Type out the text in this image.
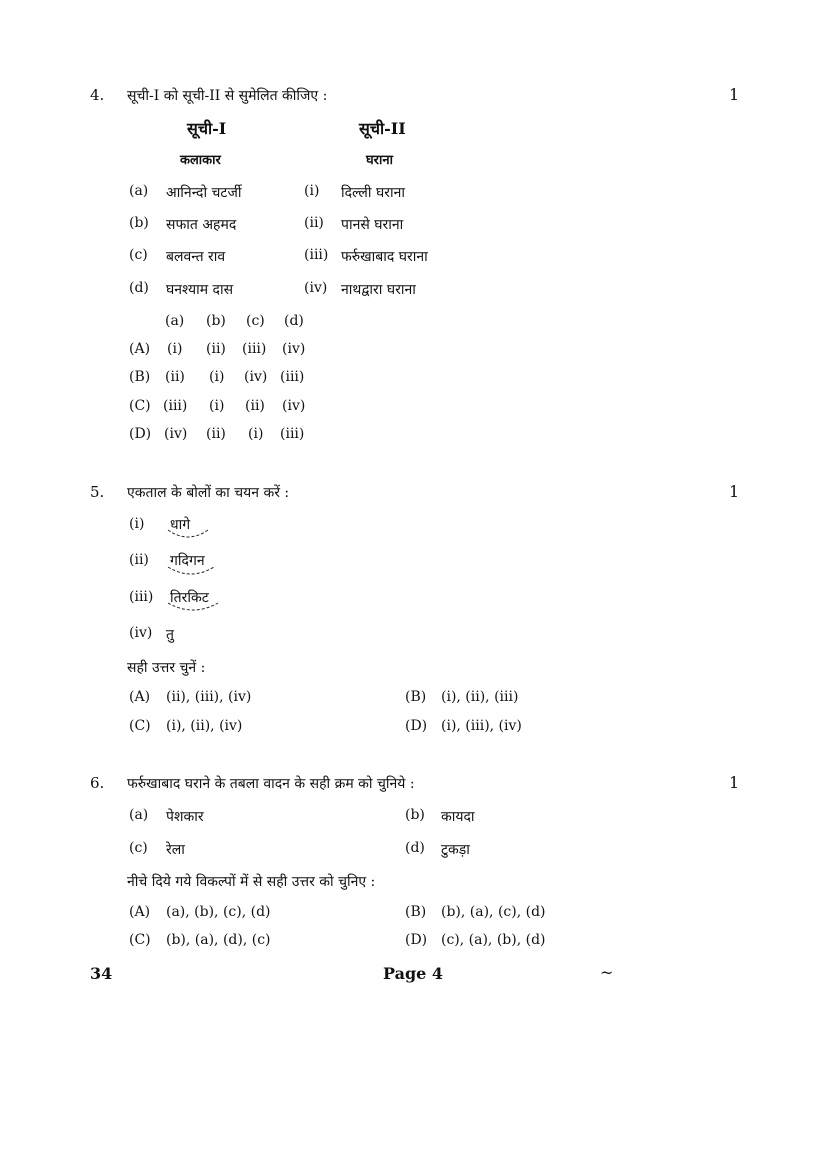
4. सूची-I को सूची-II से सुमेलित कीजिए :	1
सूची-I	सूची-II
कलाकार	घराना
(a) आनिन्दो चटर्जी	(i) दिल्ली घराना
(b) सफात अहमद	(ii) पानसे घराना
(c) बलवन्त राव	(iii) फर्रुखाबाद घराना
(d) घनश्याम दास	(iv) नाथद्वारा घराना
(a) (b) (c) (d)
(A) (i) (ii) (iii) (iv)
(B) (ii) (i) (iv) (iii)
(C) (iii) (i) (ii) (iv)
(D) (iv) (ii) (i) (iii)
5. एकताल के बोलों का चयन करें :	1
(i) धागे
(ii) गदिगन
(iii) तिरकिट
(iv) तु
सही उत्तर चुनें :
(A) (ii), (iii), (iv)	(B) (i), (ii), (iii)
(C) (i), (ii), (iv)	(D) (i), (iii), (iv)
6. फर्रुखाबाद घराने के तबला वादन के सही क्रम को चुनिये :	1
(a) पेशकार	(b) कायदा
(c) रेला	(d) टुकड़ा
नीचे दिये गये विकल्पों में से सही उत्तर को चुनिए :
(A) (a), (b), (c), (d)	(B) (b), (a), (c), (d)
(C) (b), (a), (d), (c)	(D) (c), (a), (b), (d)
34	Page 4	~
